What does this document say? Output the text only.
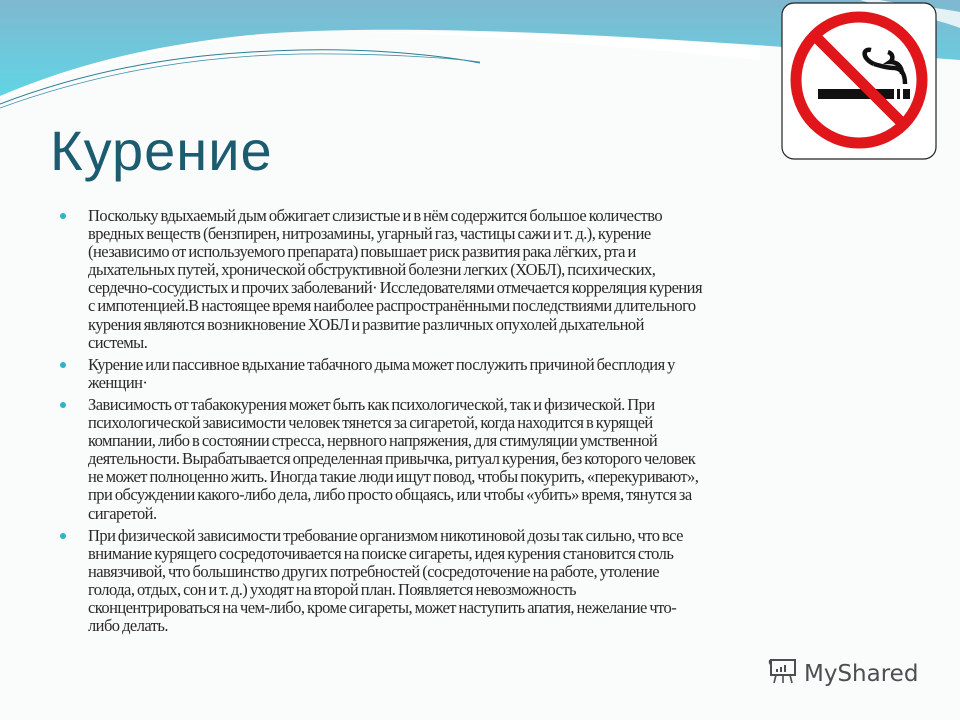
Курение
Поскольку вдыхаемый дым обжигает слизистые и в нём содержится большое количество
вредных веществ (бензпирен, нитрозамины, угарный газ, частицы сажи и т. д.), курение
(независимо от используемого препарата) повышает риск развития рака лёгких, рта и
дыхательных путей, хронической обструктивной болезни легких (ХОБЛ), психических,
сердечно-сосудистых и прочих заболеваний· Исследователями отмечается корреляция курения
с импотенцией.В настоящее время наиболее распространёнными последствиями длительного
курения являются возникновение ХОБЛ и развитие различных опухолей дыхательной
системы.
Курение или пассивное вдыхание табачного дыма может послужить причиной бесплодия у
женщин·
Зависимость от табакокурения может быть как психологической, так и физической. При
психологической зависимости человек тянется за сигаретой, когда находится в курящей
компании, либо в состоянии стресса, нервного напряжения, для стимуляции умственной
деятельности. Вырабатывается определенная привычка, ритуал курения, без которого человек
не может полноценно жить. Иногда такие люди ищут повод, чтобы покурить, «перекуривают»,
при обсуждении какого-либо дела, либо просто общаясь, или чтобы «убить» время, тянутся за
сигаретой.
При физической зависимости требование организмом никотиновой дозы так сильно, что все
внимание курящего сосредоточивается на поиске сигареты, идея курения становится столь
навязчивой, что большинство других потребностей (сосредоточение на работе, утоление
голода, отдых, сон и т. д.) уходят на второй план. Появляется невозможность
сконцентрироваться на чем-либо, кроме сигареты, может наступить апатия, нежелание что-
либо делать.
MyShared
